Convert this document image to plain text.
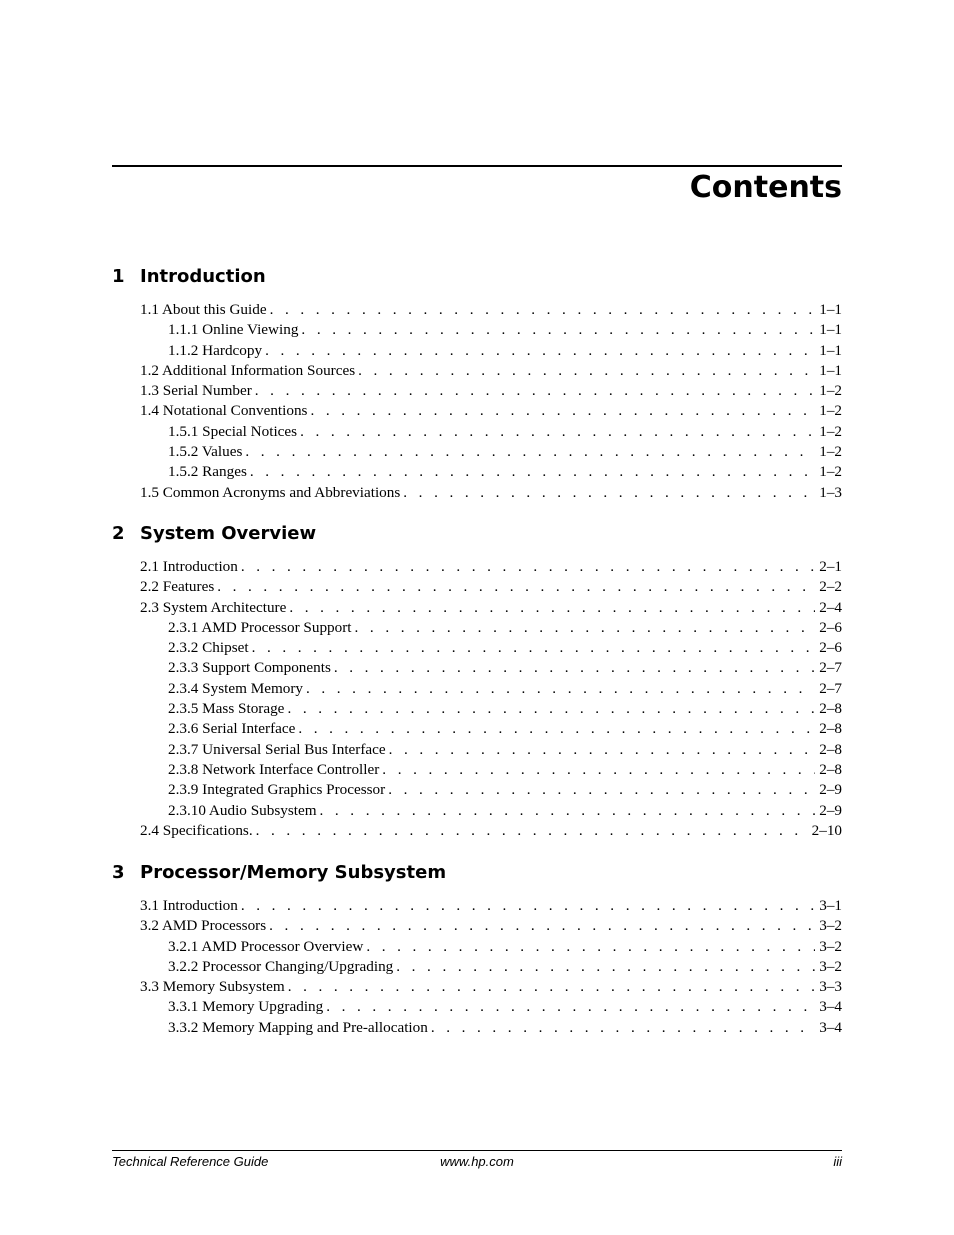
Contents
1 Introduction
1.1 About this Guide . . .	1–1
1.1.1 Online Viewing . . .	1–1
1.1.2 Hardcopy . . .	1–1
1.2 Additional Information Sources . . .	1–1
1.3 Serial Number . . .	1–2
1.4 Notational Conventions . . .	1–2
1.5.1 Special Notices . . .	1–2
1.5.2 Values . . .	1–2
1.5.2 Ranges . . .	1–2
1.5 Common Acronyms and Abbreviations . . .	1–3
2 System Overview
2.1 Introduction . . .	2–1
2.2 Features . . .	2–2
2.3 System Architecture . . .	2–4
2.3.1 AMD Processor Support . . .	2–6
2.3.2 Chipset . . .	2–6
2.3.3 Support Components . . .	2–7
2.3.4 System Memory . . .	2–7
2.3.5 Mass Storage . . .	2–8
2.3.6 Serial Interface . . .	2–8
2.3.7 Universal Serial Bus Interface . . .	2–8
2.3.8 Network Interface Controller . . .	2–8
2.3.9 Integrated Graphics Processor . . .	2–9
2.3.10 Audio Subsystem . . .	2–9
2.4 Specifications. . . .	2–10
3 Processor/Memory Subsystem
3.1 Introduction . . .	3–1
3.2 AMD Processors . . .	3–2
3.2.1 AMD Processor Overview . . .	3–2
3.2.2 Processor Changing/Upgrading . . .	3–2
3.3 Memory Subsystem . . .	3–3
3.3.1 Memory Upgrading . . .	3–4
3.3.2 Memory Mapping and Pre-allocation . . .	3–4
Technical Reference Guide	www.hp.com	iii
